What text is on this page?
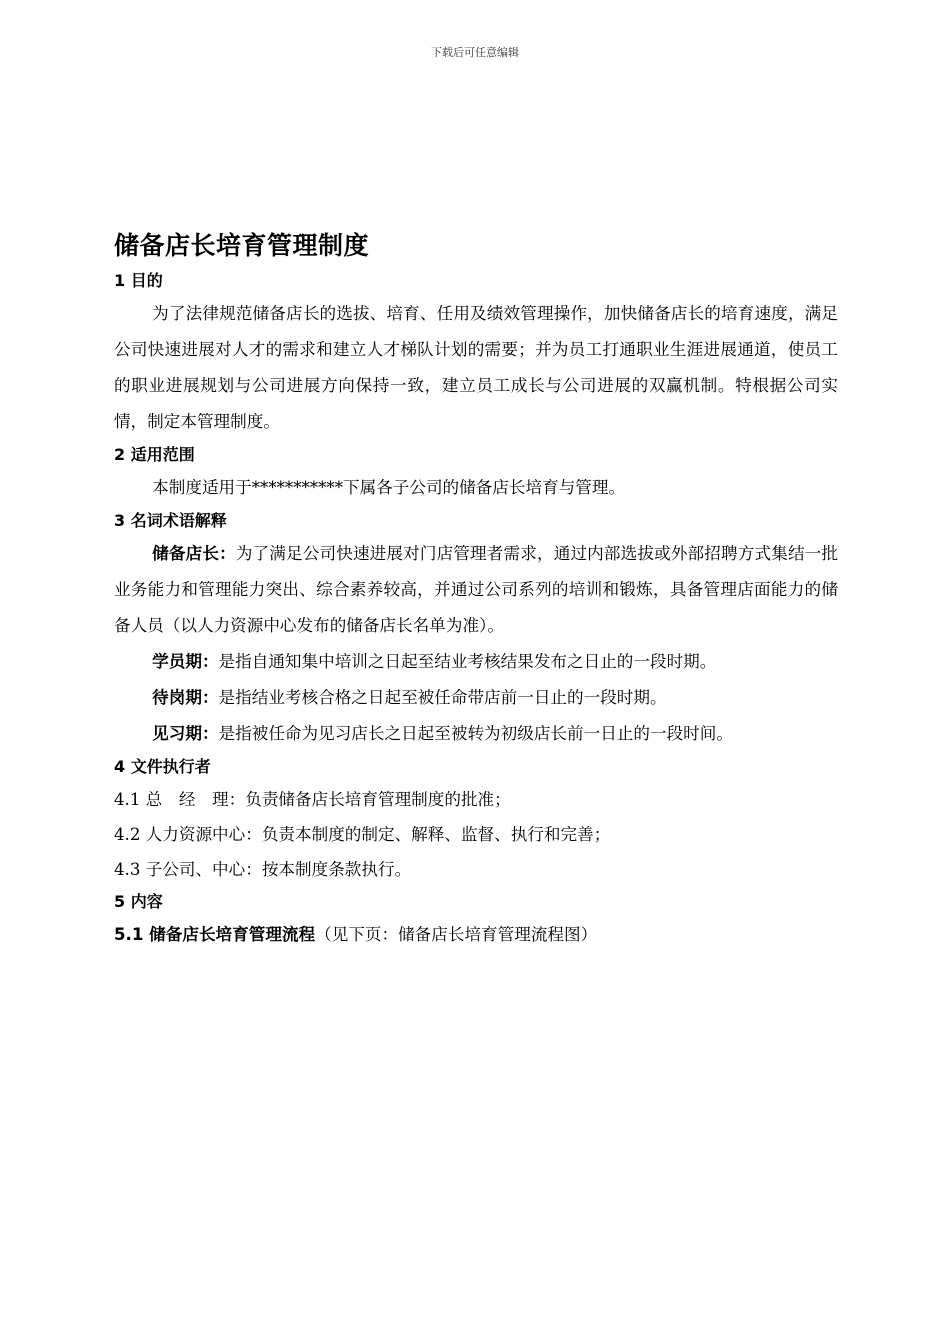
下载后可任意编辑
储备店长培育管理制度
1 目的

为了法律规范储备店长的选拔、培育、任用及绩效管理操作，加快储备店长的培育速度，满足公司快速进展对人才的需求和建立人才梯队计划的需要；并为员工打通职业生涯进展通道，使员工的职业进展规划与公司进展方向保持一致，建立员工成长与公司进展的双赢机制。特根据公司实情，制定本管理制度。

2 适用范围

本制度适用于***********下属各子公司的储备店长培育与管理。

3 名词术语解释

储备店长：为了满足公司快速进展对门店管理者需求，通过内部选拔或外部招聘方式集结一批业务能力和管理能力突出、综合素养较高，并通过公司系列的培训和锻炼，具备管理店面能力的储备人员（以人力资源中心发布的储备店长名单为准）。

学员期：是指自通知集中培训之日起至结业考核结果发布之日止的一段时期。

待岗期：是指结业考核合格之日起至被任命带店前一日止的一段时期。

见习期：是指被任命为见习店长之日起至被转为初级店长前一日止的一段时间。

4 文件执行者

4.1 总　经　理：负责储备店长培育管理制度的批准；

4.2 人力资源中心：负责本制度的制定、解释、监督、执行和完善；

4.3 子公司、中心：按本制度条款执行。

5 内容

5.1 储备店长培育管理流程（见下页：储备店长培育管理流程图）
